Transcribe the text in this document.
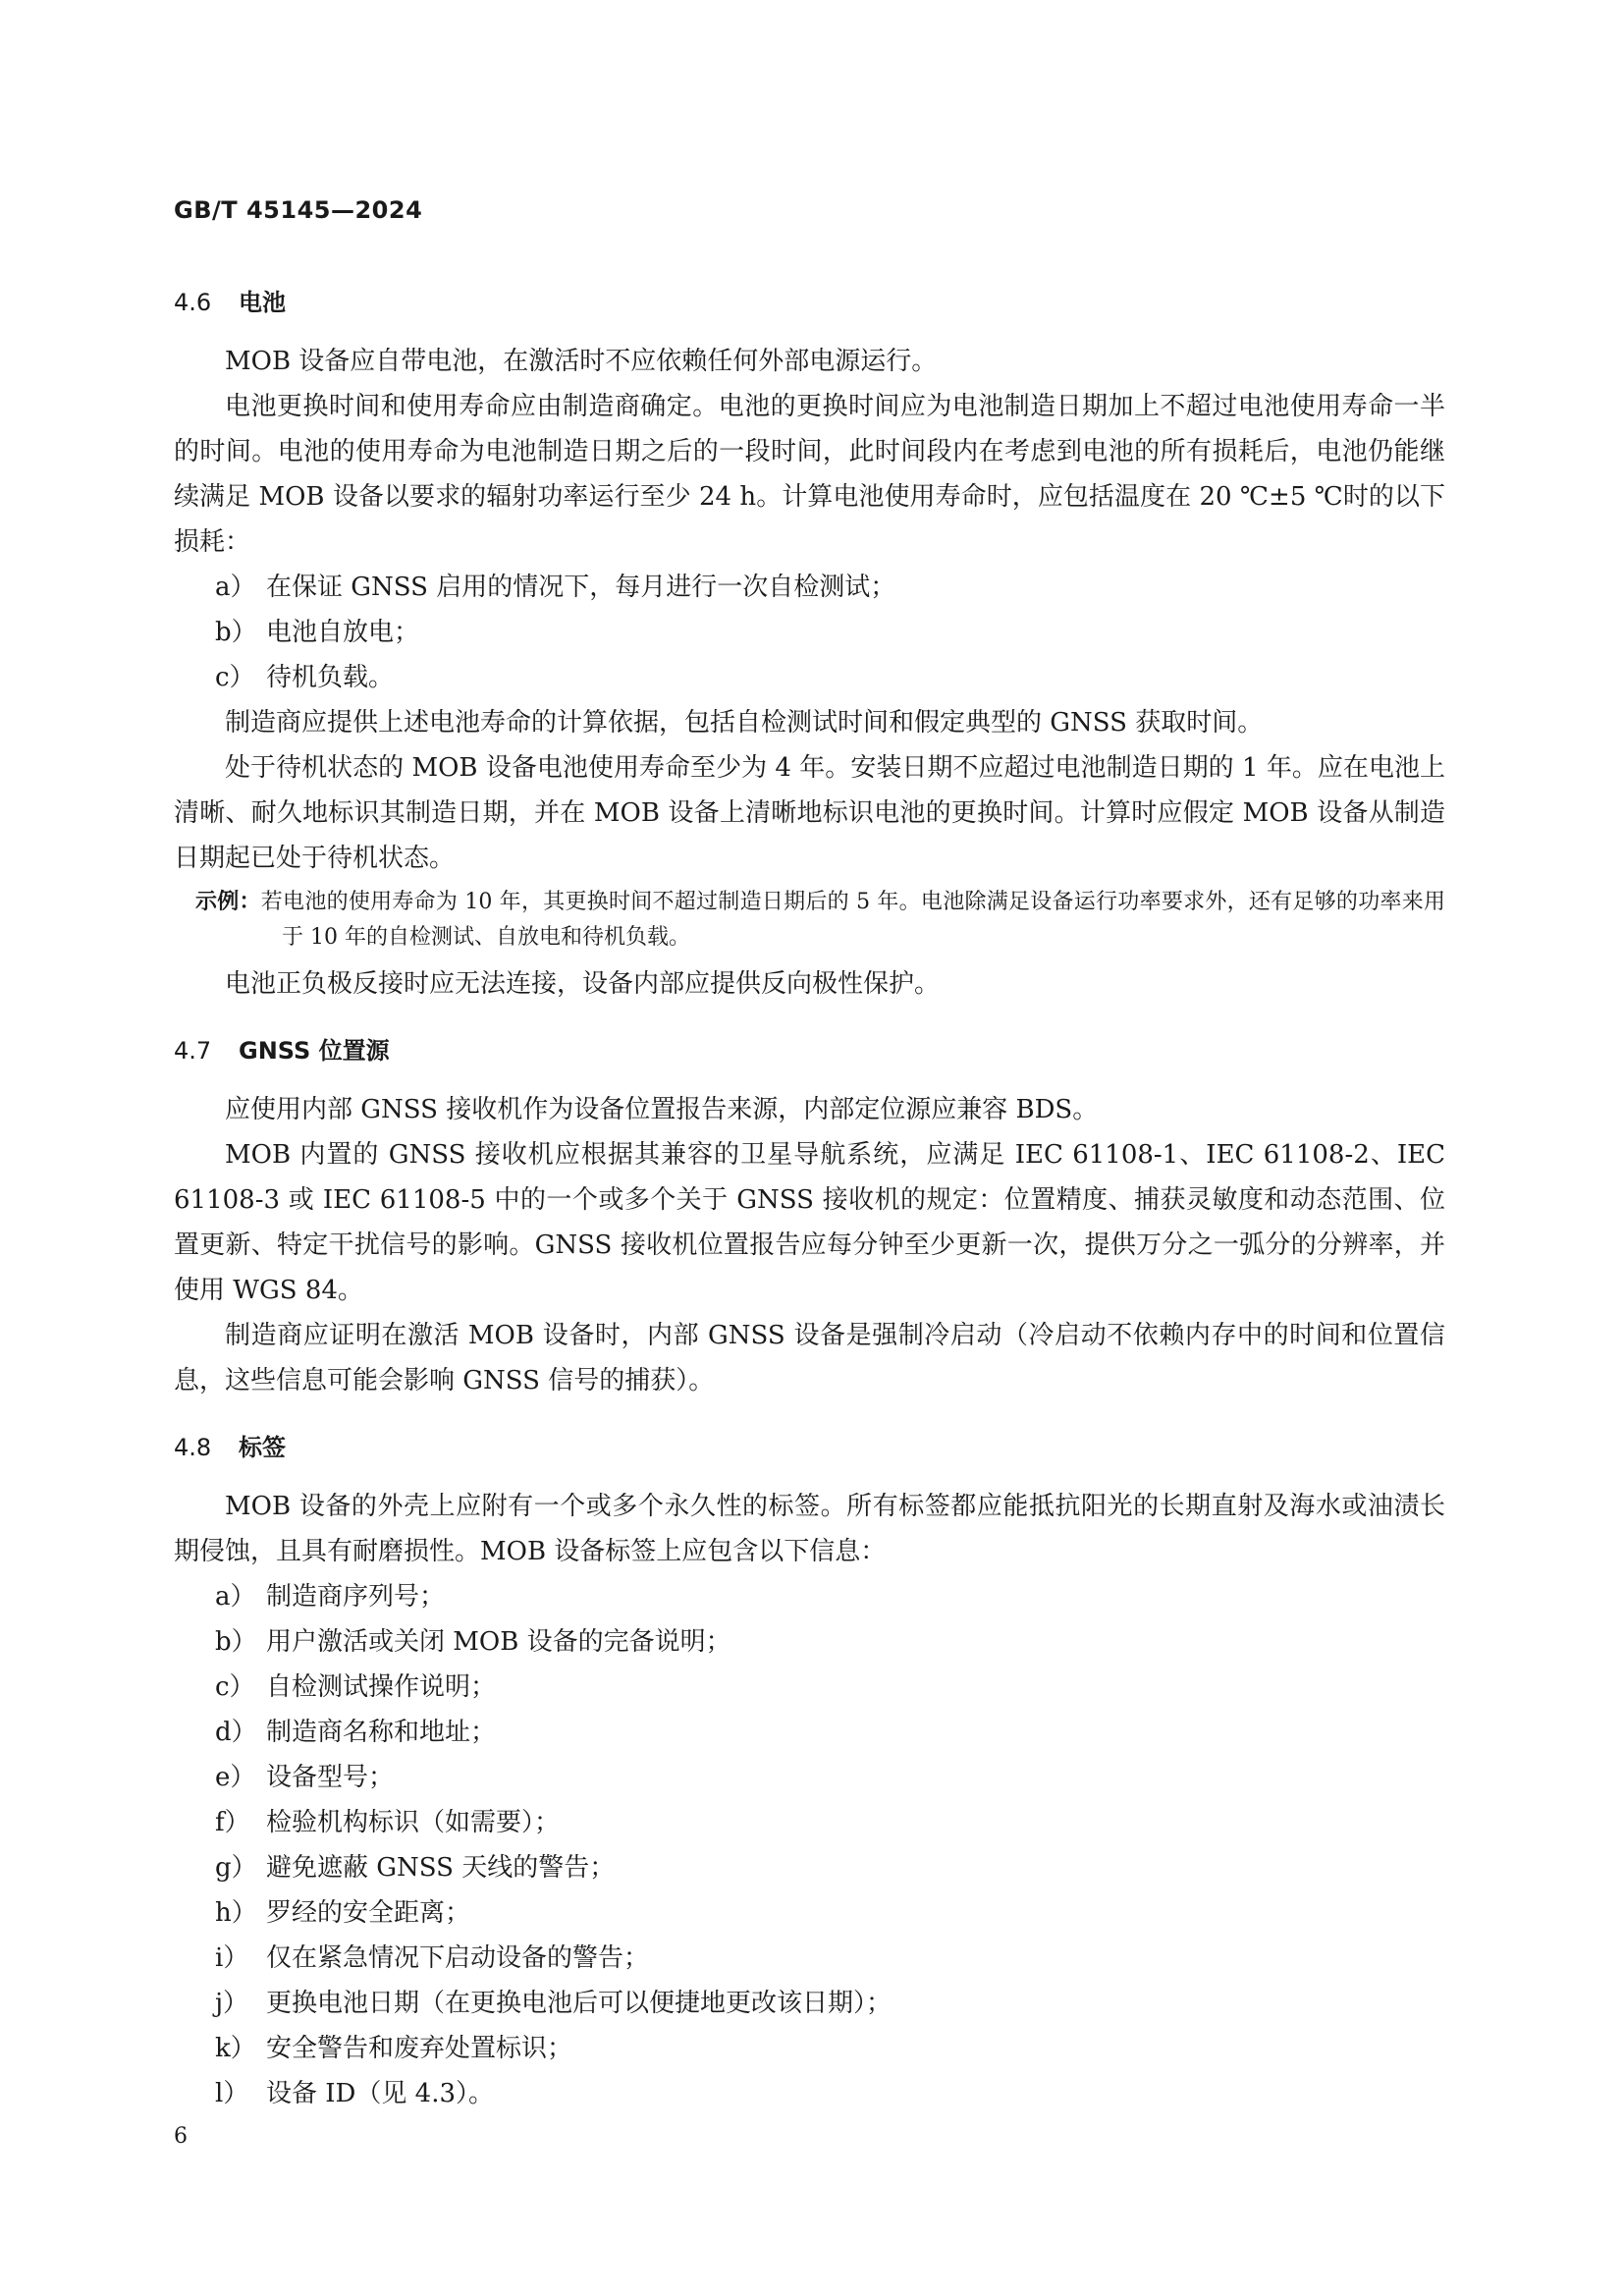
GB/T 45145—2024
4.6 电池

MOB 设备应自带电池，在激活时不应依赖任何外部电源运行。

电池更换时间和使用寿命应由制造商确定。电池的更换时间应为电池制造日期加上不超过电池使用寿命一半的时间。电池的使用寿命为电池制造日期之后的一段时间，此时间段内在考虑到电池的所有损耗后，电池仍能继续满足 MOB 设备以要求的辐射功率运行至少 24 h。计算电池使用寿命时，应包括温度在 20 ℃±5 ℃时的以下损耗：

a） 在保证 GNSS 启用的情况下，每月进行一次自检测试；
b） 电池自放电；
c） 待机负载。

制造商应提供上述电池寿命的计算依据，包括自检测试时间和假定典型的 GNSS 获取时间。

处于待机状态的 MOB 设备电池使用寿命至少为 4 年。安装日期不应超过电池制造日期的 1 年。应在电池上清晰、耐久地标识其制造日期，并在 MOB 设备上清晰地标识电池的更换时间。计算时应假定 MOB 设备从制造日期起已处于待机状态。

示例：若电池的使用寿命为 10 年，其更换时间不超过制造日期后的 5 年。电池除满足设备运行功率要求外，还有足够的功率来用于 10 年的自检测试、自放电和待机负载。

电池正负极反接时应无法连接，设备内部应提供反向极性保护。

4.7 GNSS 位置源

应使用内部 GNSS 接收机作为设备位置报告来源，内部定位源应兼容 BDS。

MOB 内置的 GNSS 接收机应根据其兼容的卫星导航系统，应满足 IEC 61108-1、IEC 61108-2、IEC 61108-3 或 IEC 61108-5 中的一个或多个关于 GNSS 接收机的规定：位置精度、捕获灵敏度和动态范围、位置更新、特定干扰信号的影响。GNSS 接收机位置报告应每分钟至少更新一次，提供万分之一弧分的分辨率，并使用 WGS 84。

制造商应证明在激活 MOB 设备时，内部 GNSS 设备是强制冷启动（冷启动不依赖内存中的时间和位置信息，这些信息可能会影响 GNSS 信号的捕获）。

4.8 标签

MOB 设备的外壳上应附有一个或多个永久性的标签。所有标签都应能抵抗阳光的长期直射及海水或油渍长期侵蚀，且具有耐磨损性。MOB 设备标签上应包含以下信息：

a） 制造商序列号；
b） 用户激活或关闭 MOB 设备的完备说明；
c） 自检测试操作说明；
d） 制造商名称和地址；
e） 设备型号；
f） 检验机构标识（如需要）；
g） 避免遮蔽 GNSS 天线的警告；
h） 罗经的安全距离；
i） 仅在紧急情况下启动设备的警告；
j） 更换电池日期（在更换电池后可以便捷地更改该日期）；
k） 安全警告和废弃处置标识；
l） 设备 ID（见 4.3）。
6
